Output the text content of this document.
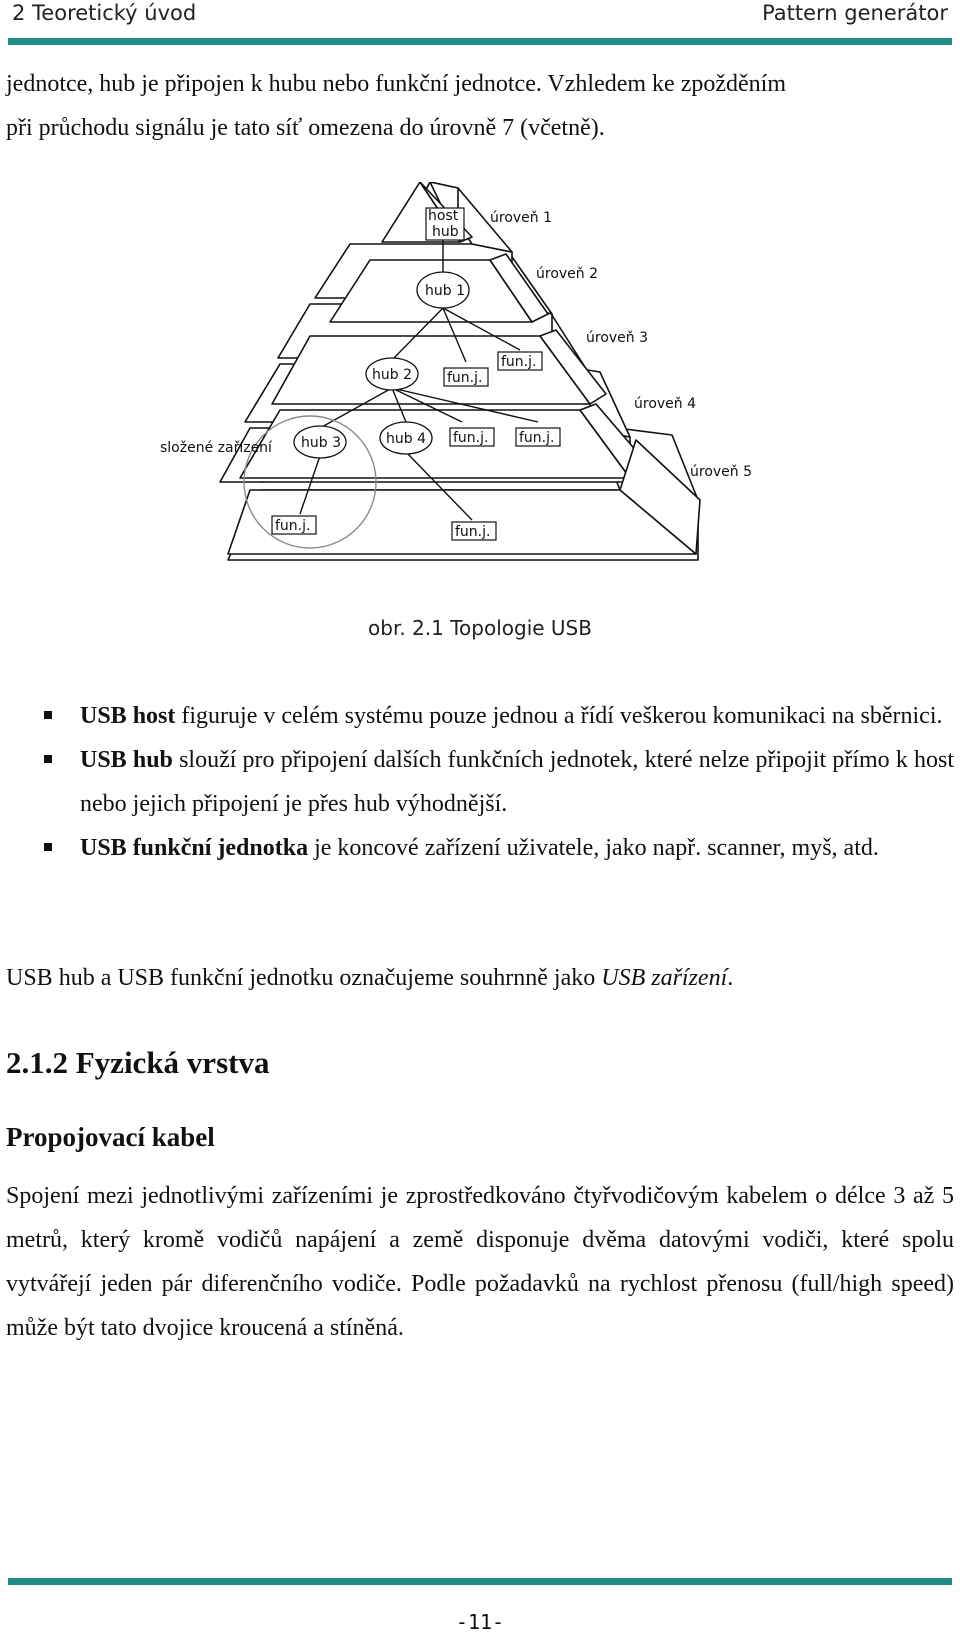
2 Teoretický úvod	Pattern generátor
jednotce, hub je připojen k hubu nebo funkční jednotce. Vzhledem ke zpožděním
při průchodu signálu je tato síť omezena do úrovně 7 (včetně).
host
hub
hub 1
hub 2
hub 3	hub 4
fun.j.
fun.j.
fun.j. fun.j.
fun.j.	fun.j.
úroveň 1
úroveň 2
úroveň 3
úroveň 4
úroveň 5
složené zařízení
obr. 2.1 Topologie USB
USB host figuruje v celém systému pouze jednou a řídí veškerou komunikaci na sběrnici.
USB hub slouží pro připojení dalších funkčních jednotek, které nelze připojit přímo k host nebo jejich připojení je přes hub výhodnější.
USB funkční jednotka je koncové zařízení uživatele, jako např. scanner, myš, atd.
USB hub a USB funkční jednotku označujeme souhrnně jako USB zařízení.
2.1.2 Fyzická vrstva
Propojovací kabel
Spojení mezi jednotlivými zařízeními je zprostředkováno čtyřvodičovým kabelem o délce 3 až 5 metrů, který kromě vodičů napájení a země disponuje dvěma datovými vodiči, které spolu vytvářejí jeden pár diferenčního vodiče. Podle požadavků na rychlost přenosu (full/high speed) může být tato dvojice kroucená a stíněná.
-11-
